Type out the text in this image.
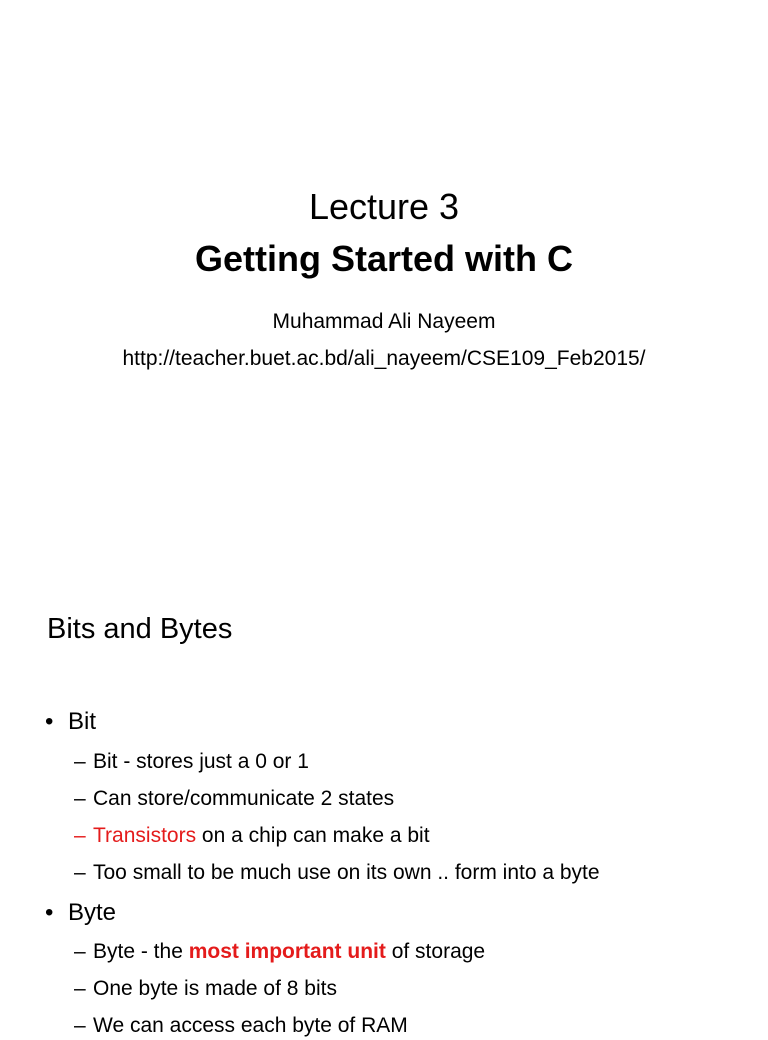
Lecture 3
Getting Started with C
Muhammad Ali Nayeem
http://teacher.buet.ac.bd/ali_nayeem/CSE109_Feb2015/
Bits and Bytes
• Bit
– Bit - stores just a 0 or 1
– Can store/communicate 2 states
– Transistors on a chip can make a bit
– Too small to be much use on its own .. form into a byte
• Byte
– Byte - the most important unit of storage
– One byte is made of 8 bits
– We can access each byte of RAM
